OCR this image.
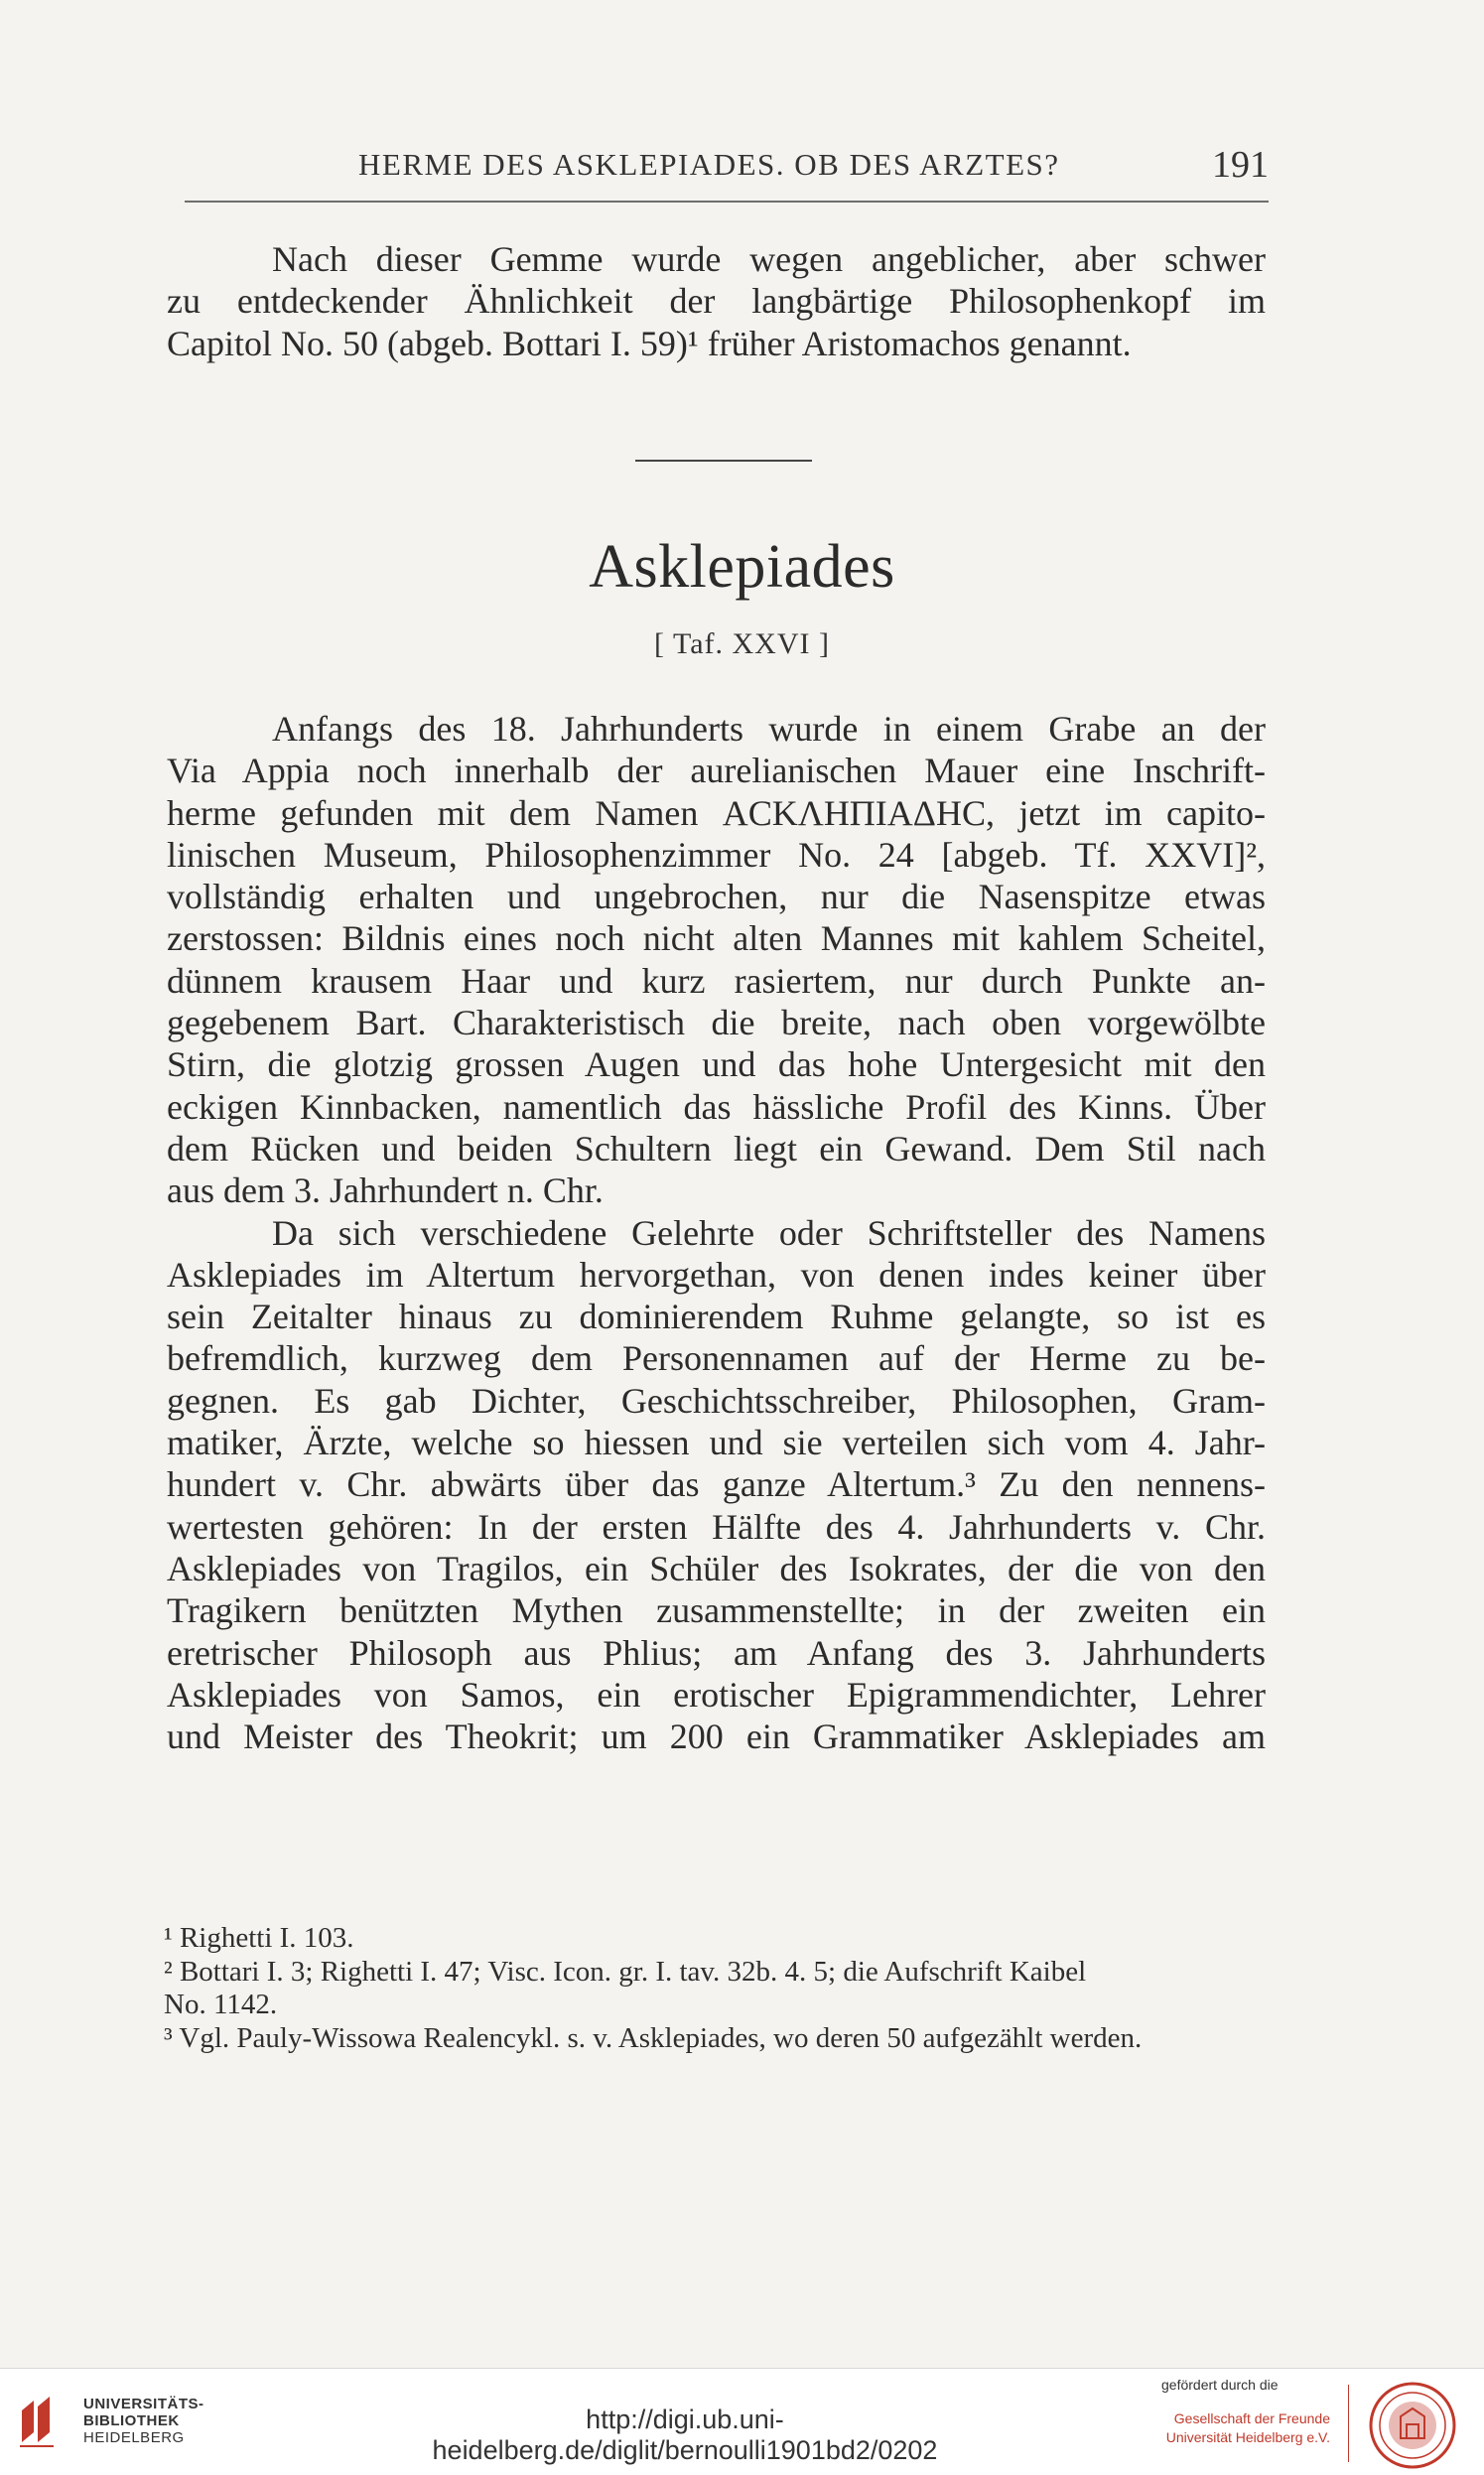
HERME DES ASKLEPIADES. OB DES ARZTES?	191
Nach dieser Gemme wurde wegen angeblicher, aber schwer
zu entdeckender Ähnlichkeit der langbärtige Philosophenkopf im
Capitol No. 50 (abgeb. Bottari I. 59)¹ früher Aristomachos genannt.
Asklepiades
[ Taf. XXVI ]
Anfangs des 18. Jahrhunderts wurde in einem Grabe an der
Via Appia noch innerhalb der aurelianischen Mauer eine Inschrift-
herme gefunden mit dem Namen ΑϹΚΛΗΠΙΑΔΗϹ, jetzt im capito-
linischen Museum, Philosophenzimmer No. 24 [abgeb. Tf. XXVI]²,
vollständig erhalten und ungebrochen, nur die Nasenspitze etwas
zerstossen: Bildnis eines noch nicht alten Mannes mit kahlem Scheitel,
dünnem krausem Haar und kurz rasiertem, nur durch Punkte an-
gegebenem Bart. Charakteristisch die breite, nach oben vorgewölbte
Stirn, die glotzig grossen Augen und das hohe Untergesicht mit den
eckigen Kinnbacken, namentlich das hässliche Profil des Kinns. Über
dem Rücken und beiden Schultern liegt ein Gewand. Dem Stil nach
aus dem 3. Jahrhundert n. Chr.
Da sich verschiedene Gelehrte oder Schriftsteller des Namens
Asklepiades im Altertum hervorgethan, von denen indes keiner über
sein Zeitalter hinaus zu dominierendem Ruhme gelangte, so ist es
befremdlich, kurzweg dem Personennamen auf der Herme zu be-
gegnen. Es gab Dichter, Geschichtsschreiber, Philosophen, Gram-
matiker, Ärzte, welche so hiessen und sie verteilen sich vom 4. Jahr-
hundert v. Chr. abwärts über das ganze Altertum.³ Zu den nennens-
wertesten gehören: In der ersten Hälfte des 4. Jahrhunderts v. Chr.
Asklepiades von Tragilos, ein Schüler des Isokrates, der die von den
Tragikern benützten Mythen zusammenstellte; in der zweiten ein
eretrischer Philosoph aus Phlius; am Anfang des 3. Jahrhunderts
Asklepiades von Samos, ein erotischer Epigrammendichter, Lehrer
und Meister des Theokrit; um 200 ein Grammatiker Asklepiades am
¹ Righetti I. 103.
² Bottari I. 3; Righetti I. 47; Visc. Icon. gr. I. tav. 32b. 4. 5; die Aufschrift Kaibel
No. 1142.
³ Vgl. Pauly-Wissowa Realencykl. s. v. Asklepiades, wo deren 50 aufgezählt werden.
UNIVERSITÄTS-
BIBLIOTHEK
HEIDELBERG
http://digi.ub.uni-heidelberg.de/diglit/bernoulli1901bd2/0202
gefördert durch die
Gesellschaft der Freunde
Universität Heidelberg e.V.
